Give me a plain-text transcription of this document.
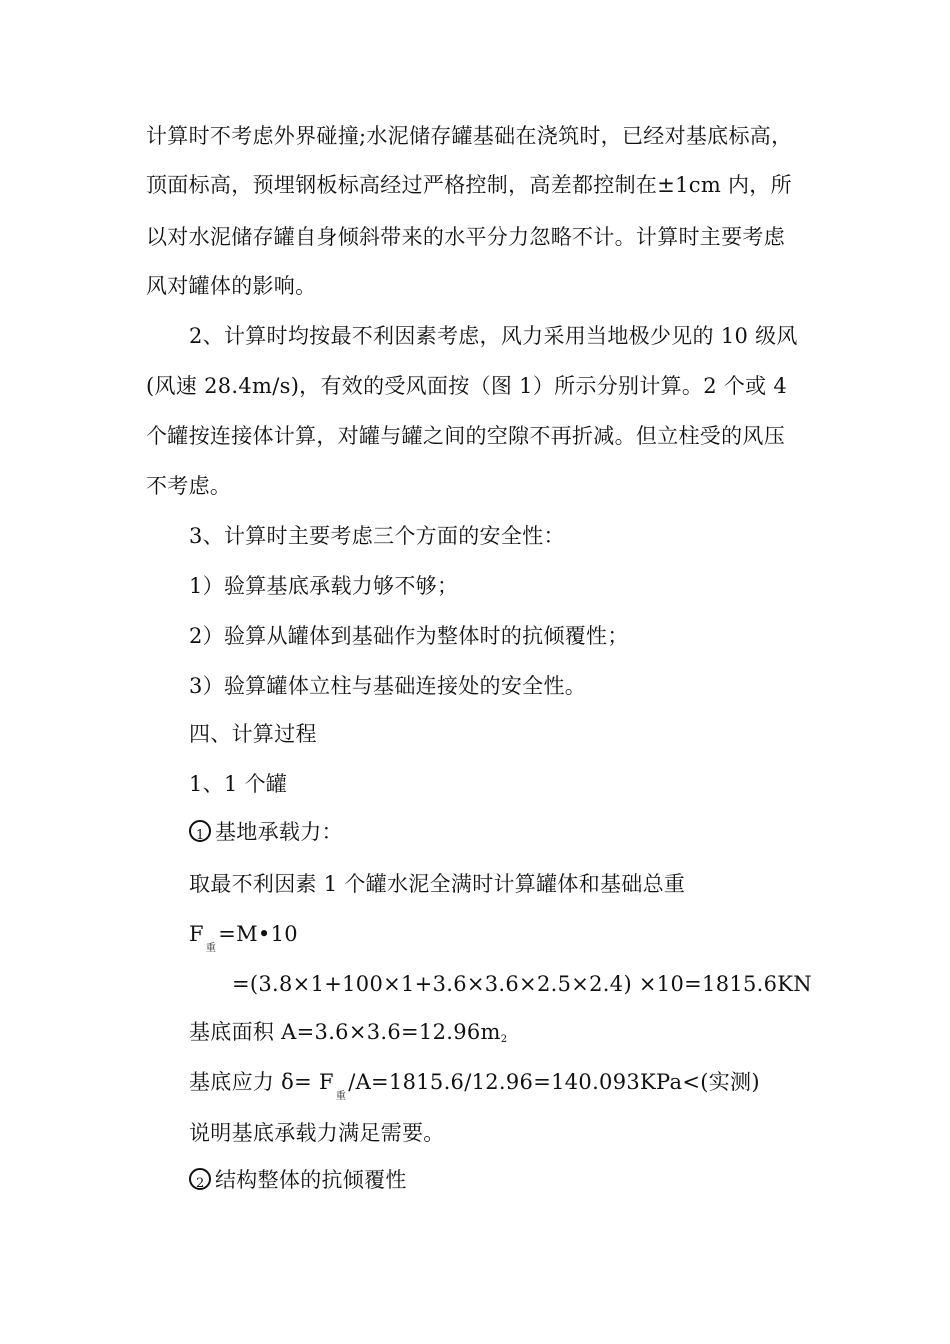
计算时不考虑外界碰撞;水泥储存罐基础在浇筑时，已经对基底标高，
顶面标高，预埋钢板标高经过严格控制，高差都控制在±1cm 内，所
以对水泥储存罐自身倾斜带来的水平分力忽略不计。计算时主要考虑
风对罐体的影响。
2、计算时均按最不利因素考虑，风力采用当地极少见的 10 级风
(风速 28.4m/s)，有效的受风面按（图 1）所示分别计算。2 个或 4
个罐按连接体计算，对罐与罐之间的空隙不再折减。但立柱受的风压
不考虑。
3、计算时主要考虑三个方面的安全性：
1）验算基底承载力够不够；
2）验算从罐体到基础作为整体时的抗倾覆性；
3）验算罐体立柱与基础连接处的安全性。
四、计算过程
1、1 个罐
1 基地承载力：
取最不利因素 1 个罐水泥全满时计算罐体和基础总重
$F_重=M•10$
=(3.8×1+100×1+3.6×3.6×2.5×2.4) ×10=1815.6KN
基底面积 A=3.6×3.6=12.96m2
基底应力 $\delta= F_重/A=1815.6/12.96=140.093KPa<$(实测)
说明基底承载力满足需要。
2 结构整体的抗倾覆性
